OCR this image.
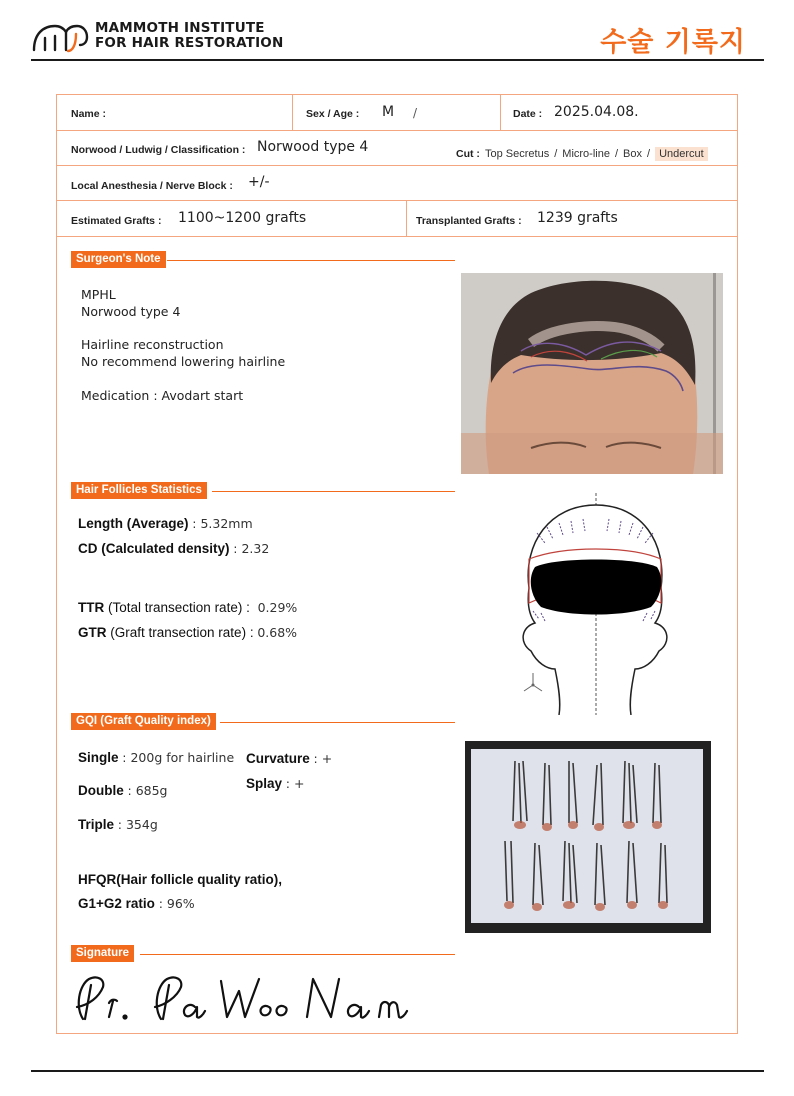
MAMMOTH INSTITUTE
FOR HAIR RESTORATION	수술 기록지
Name :	Sex / Age : M /	Date : 2025.04.08.
Norwood / Ludwig / Classification : Norwood type 4	Cut : Top Secretus / Micro-line / Box / Undercut
Local Anesthesia / Nerve Block : +/-
Estimated Grafts : 1100~1200 grafts	Transplanted Grafts : 1239 grafts
Surgeon's Note
MPHL
Norwood type 4
Hairline reconstruction
No recommend lowering hairline
Medication : Avodart start
Hair Follicles Statistics
Length (Average) : 5.32mm
CD (Calculated density) : 2.32
TTR (Total transection rate) : 0.29%
GTR (Graft transection rate) : 0.68%
GQI (Graft Quality index)
Single : 200g for hairline
Double : 685g
Triple : 354g
Curvature : +
Splay : +
HFQR(Hair follicle quality ratio),
G1+G2 ratio : 96%
Signature
